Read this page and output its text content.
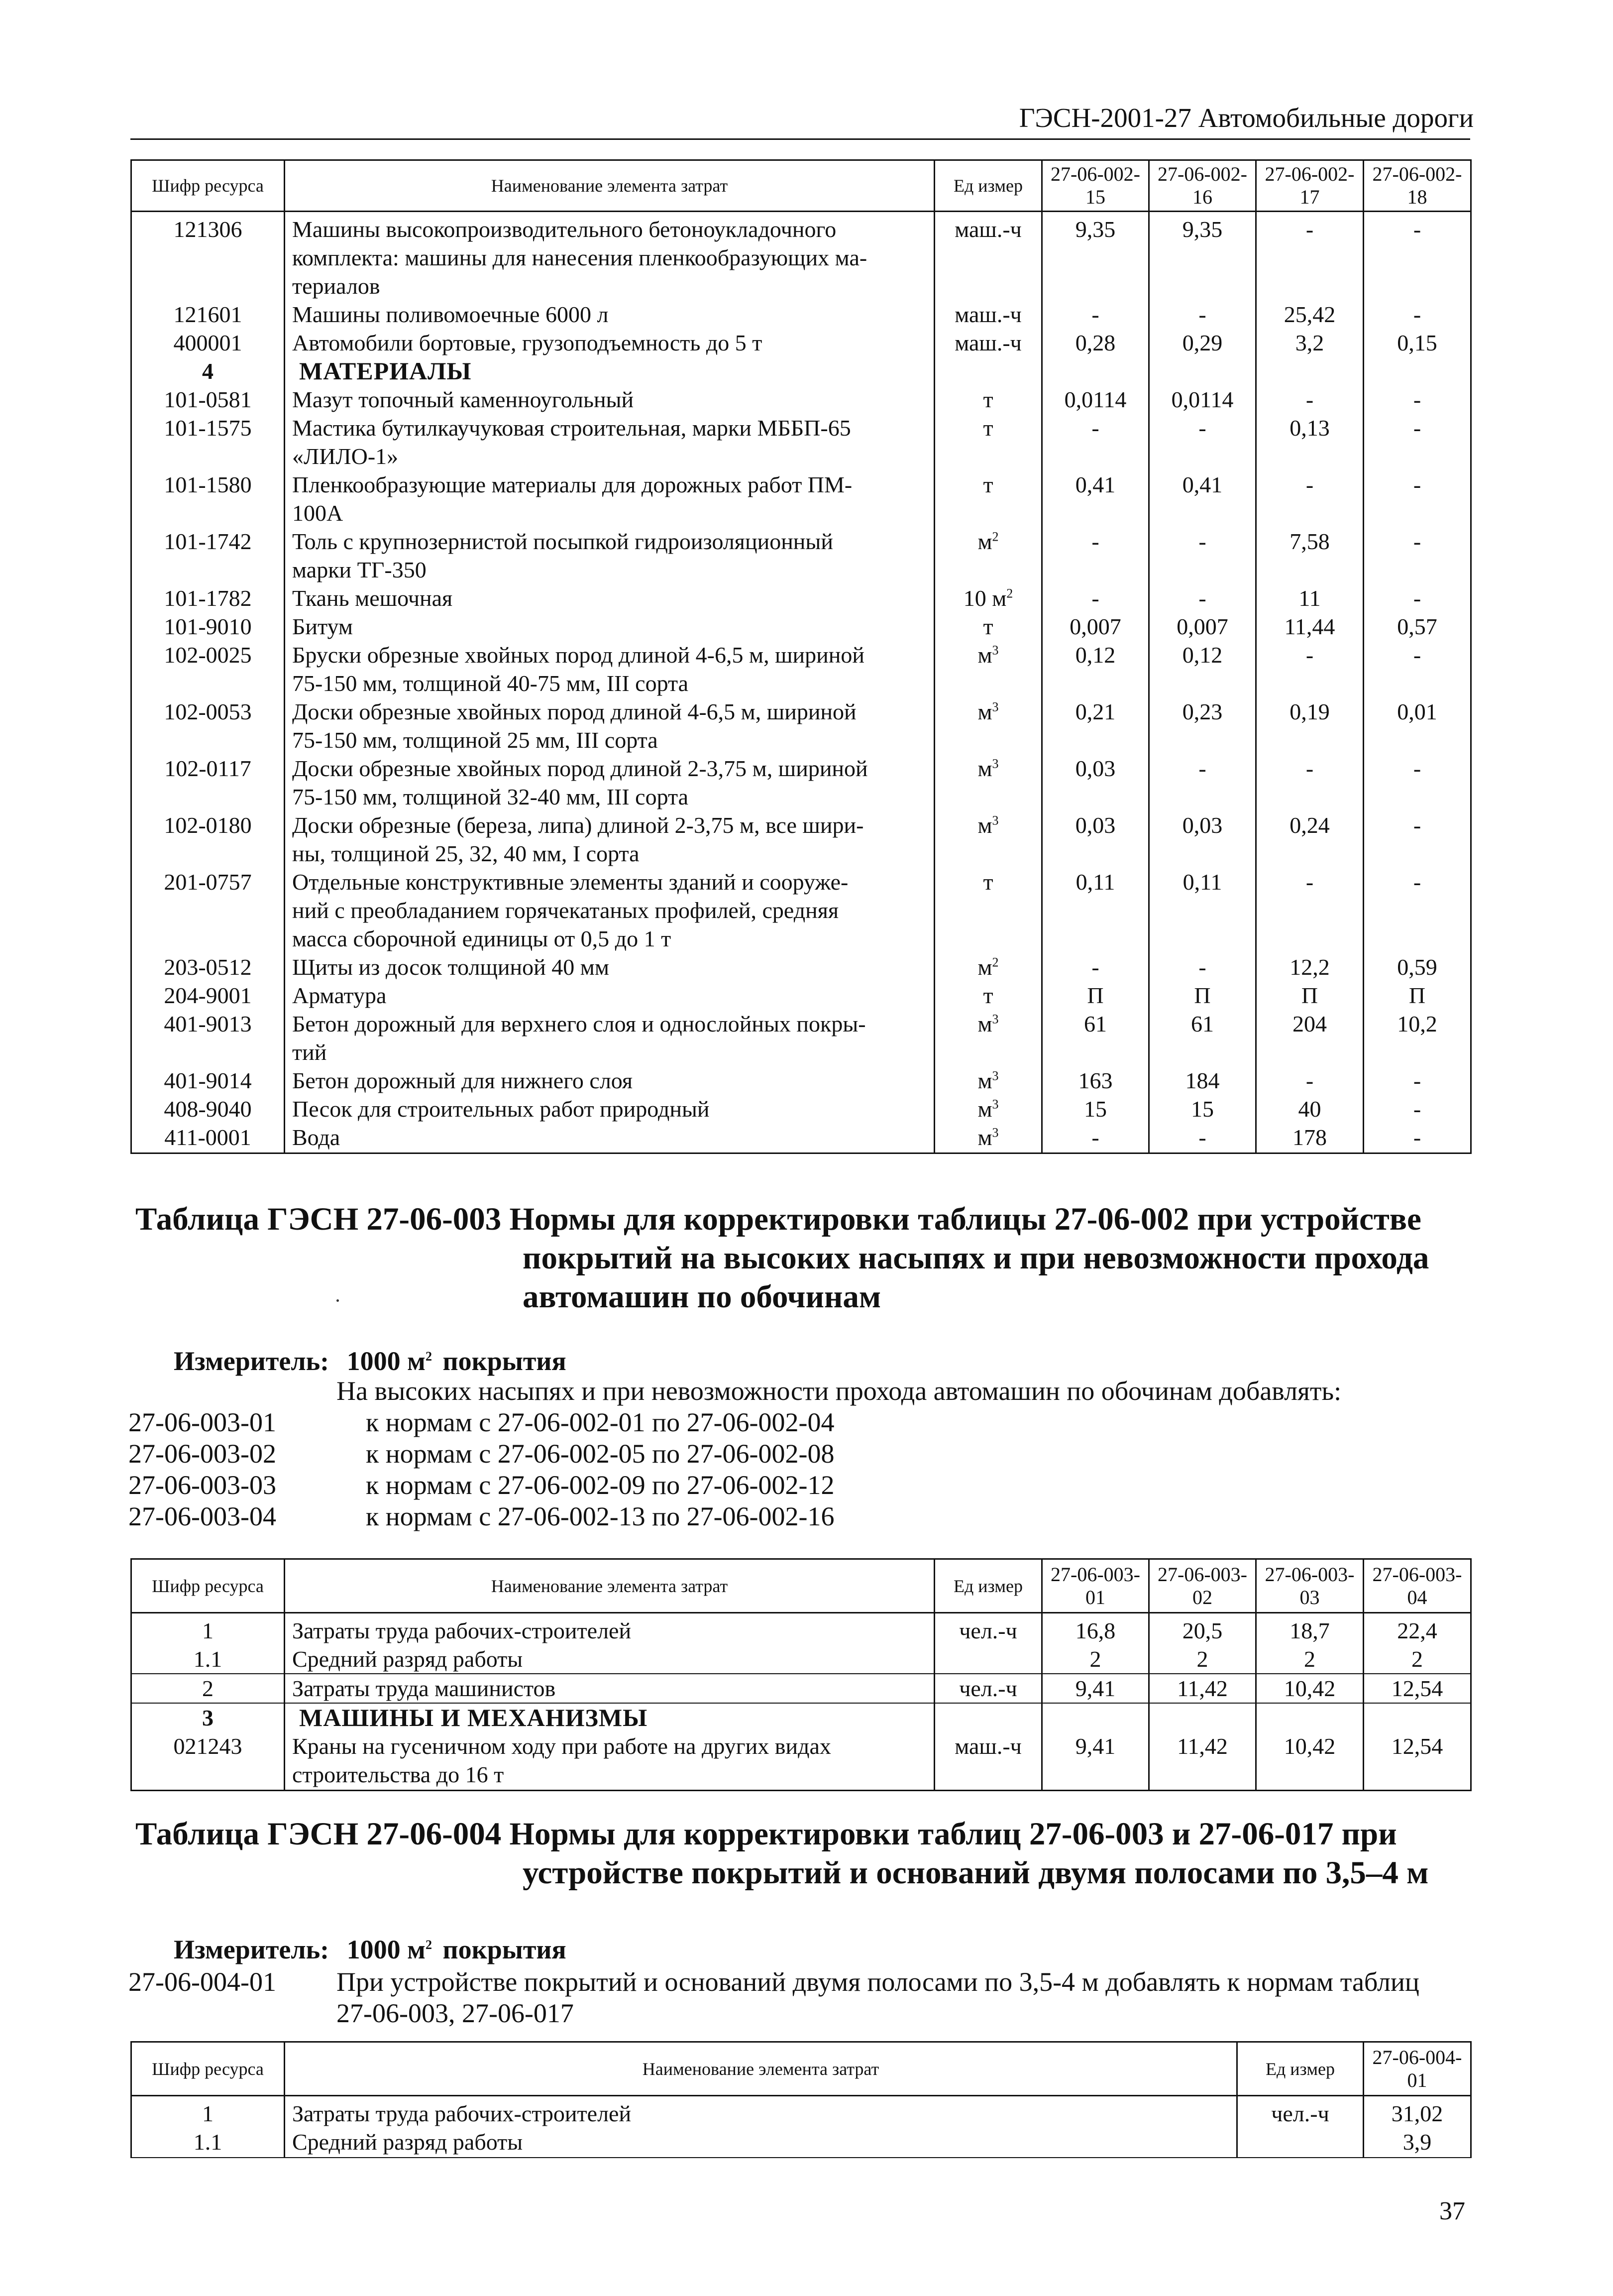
ГЭСН-2001-27 Автомобильные дороги
Шифр ресурса	Наименование элемента затрат	Ед измер	27-06-002-15	27-06-002-16	27-06-002-17	27-06-002-18
121306	Машины высокопроизводительного бетоноукладочного	маш.-ч	9,35	9,35	-	-
	комплекта: машины для нанесения пленкообразующих ма-					
	териалов					
121601	Машины поливомоечные 6000 л	маш.-ч	-	-	25,42	-
400001	Автомобили бортовые, грузоподъемность до 5 т	маш.-ч	0,28	0,29	3,2	0,15
4	МАТЕРИАЛЫ					
101-0581	Мазут топочный каменноугольный	т	0,0114	0,0114	-	-
101-1575	Мастика бутилкаучуковая строительная, марки МББП-65	т	-	-	0,13	-
	«ЛИЛО-1»					
101-1580	Пленкообразующие материалы для дорожных работ ПМ-	т	0,41	0,41	-	-
	100А					
101-1742	Толь с крупнозернистой посыпкой гидроизоляционный	$м^2$	-	-	7,58	-
	марки ТГ-350					
101-1782	Ткань мешочная	10 $м^2$	-	-	11	-
101-9010	Битум	т	0,007	0,007	11,44	0,57
102-0025	Бруски обрезные хвойных пород длиной 4-6,5 м, шириной	$м^3$	0,12	0,12	-	-
	75-150 мм, толщиной 40-75 мм, III сорта					
102-0053	Доски обрезные хвойных пород длиной 4-6,5 м, шириной	$м^3$	0,21	0,23	0,19	0,01
	75-150 мм, толщиной 25 мм, III сорта					
102-0117	Доски обрезные хвойных пород длиной 2-3,75 м, шириной	$м^3$	0,03	-	-	-
	75-150 мм, толщиной 32-40 мм, III сорта					
102-0180	Доски обрезные (береза, липа) длиной 2-3,75 м, все шири-	$м^3$	0,03	0,03	0,24	-
	ны, толщиной 25, 32, 40 мм, I сорта					
201-0757	Отдельные конструктивные элементы зданий и сооруже-	т	0,11	0,11	-	-
	ний с преобладанием горячекатаных профилей, средняя					
	масса сборочной единицы от 0,5 до 1 т					
203-0512	Щиты из досок толщиной 40 мм	$м^2$	-	-	12,2	0,59
204-9001	Арматура	т	П	П	П	П
401-9013	Бетон дорожный для верхнего слоя и однослойных покры-	$м^3$	61	61	204	10,2
	тий					
401-9014	Бетон дорожный для нижнего слоя	$м^3$	163	184	-	-
408-9040	Песок для строительных работ природный	$м^3$	15	15	40	-
411-0001	Вода	$м^3$	-	-	178	-
Таблица ГЭСН 27-06-003 Нормы для корректировки таблицы 27-06-002 при устройстве
покрытий на высоких насыпях и при невозможности прохода
автомашин по обочинам
Измеритель: 1000 $м^2$ покрытия
На высоких насыпях и при невозможности прохода автомашин по обочинам добавлять:
27-06-003-01	к нормам с 27-06-002-01 по 27-06-002-04
27-06-003-02	к нормам с 27-06-002-05 по 27-06-002-08
27-06-003-03	к нормам с 27-06-002-09 по 27-06-002-12
27-06-003-04	к нормам с 27-06-002-13 по 27-06-002-16
Шифр ресурса	Наименование элемента затрат	Ед измер	27-06-003-01	27-06-003-02	27-06-003-03	27-06-003-04
1	Затраты труда рабочих-строителей	чел.-ч	16,8	20,5	18,7	22,4
1.1	Средний разряд работы		2	2	2	2
2	Затраты труда машинистов	чел.-ч	9,41	11,42	10,42	12,54
3	МАШИНЫ И МЕХАНИЗМЫ					
021243	Краны на гусеничном ходу при работе на других видах	маш.-ч	9,41	11,42	10,42	12,54
	строительства до 16 т					
Таблица ГЭСН 27-06-004 Нормы для корректировки таблиц 27-06-003 и 27-06-017 при
устройстве покрытий и оснований двумя полосами по 3,5–4 м
Измеритель: 1000 $м^2$ покрытия
27-06-004-01 При устройстве покрытий и оснований двумя полосами по 3,5-4 м добавлять к нормам таблиц
27-06-003, 27-06-017
Шифр ресурса	Наименование элемента затрат	Ед измер	27-06-004-01
1	Затраты труда рабочих-строителей	чел.-ч	31,02
1.1	Средний разряд работы		3,9
37
